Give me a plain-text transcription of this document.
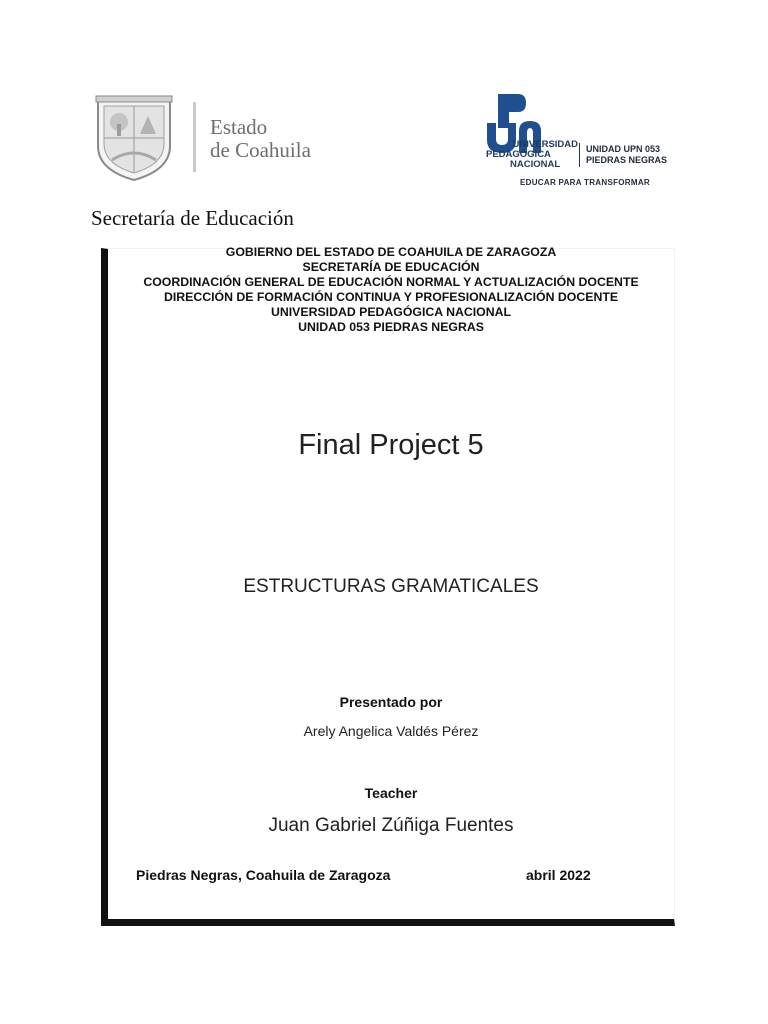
Estado
de Coahuila	UNIVERSIDAD
PEDAGÓGICA
NACIONAL
UNIDAD UPN 053
PIEDRAS NEGRAS
EDUCAR PARA TRANSFORMAR
Secretaría de Educación
GOBIERNO DEL ESTADO DE COAHUILA DE ZARAGOZA
SECRETARÍA DE EDUCACIÓN
COORDINACIÓN GENERAL DE EDUCACIÓN NORMAL Y ACTUALIZACIÓN DOCENTE
DIRECCIÓN DE FORMACIÓN CONTINUA Y PROFESIONALIZACIÓN DOCENTE
UNIVERSIDAD PEDAGÓGICA NACIONAL
UNIDAD 053 PIEDRAS NEGRAS
Final Project 5
ESTRUCTURAS GRAMATICALES
Presentado por
Arely Angelica Valdés Pérez
Teacher
Juan Gabriel Zúñiga Fuentes
Piedras Negras, Coahuila de Zaragoza	abril 2022
